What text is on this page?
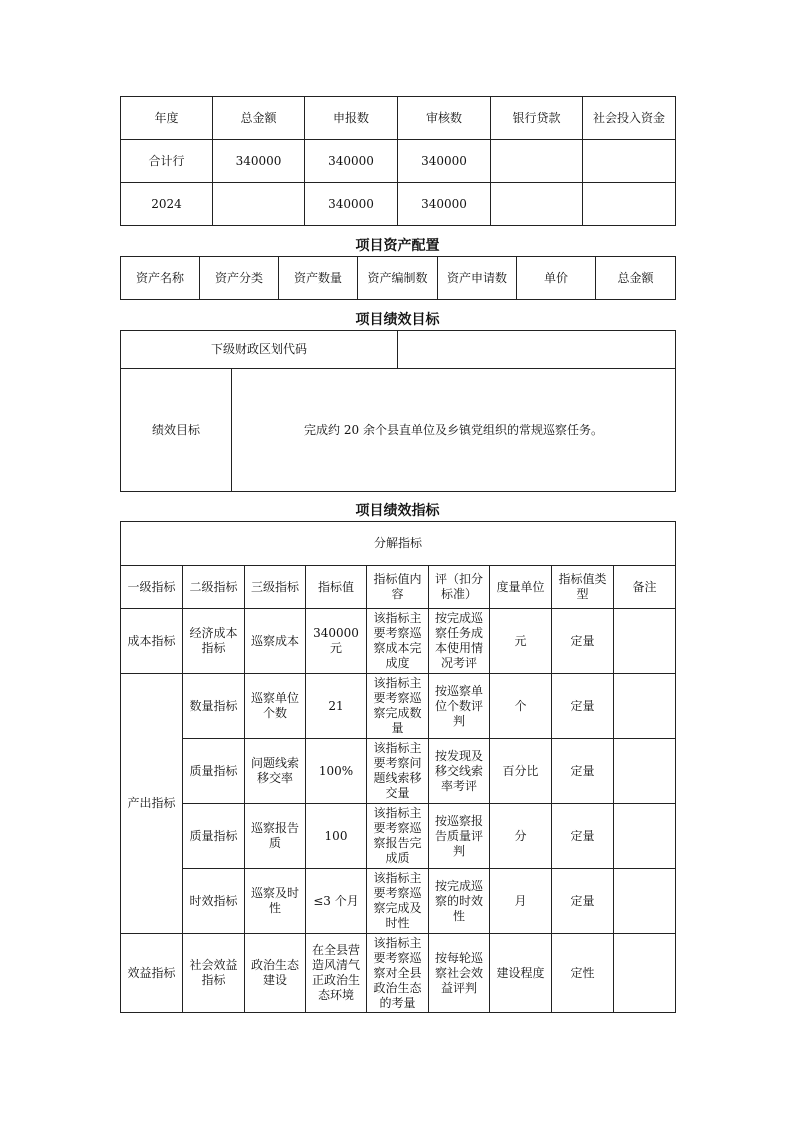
年度	总金额	申报数	审核数	银行贷款	社会投入资金
合计行	340000	340000	340000		
2024		340000	340000		
项目资产配置
资产名称	资产分类	资产数量	资产编制数	资产申请数	单价	总金额
项目绩效目标
下级财政区划代码		
绩效目标	完成约 20 余个县直单位及乡镇党组织的常规巡察任务。	
项目绩效指标
分解指标								
一级指标	二级指标	三级指标	指标值	指标值内容	评（扣分标准）	度量单位	指标值类型	备注
成本指标	经济成本指标	巡察成本	340000 元	该指标主要考察巡察成本完成度	按完成巡察任务成本使用情况考评	元	定量	
产出指标	数量指标	巡察单位个数	21	该指标主要考察巡察完成数量	按巡察单位个数评判	个	定量	
	质量指标	问题线索移交率	100%	该指标主要考察问题线索移交量	按发现及移交线索率考评	百分比	定量	
	质量指标	巡察报告质	100	该指标主要考察巡察报告完成质	按巡察报告质量评判	分	定量	
	时效指标	巡察及时性	≤3 个月	该指标主要考察巡察完成及时性	按完成巡察的时效性	月	定量	
效益指标	社会效益指标	政治生态建设	在全县营造风清气正政治生态环境	该指标主要考察巡察对全县政治生态的考量	按每轮巡察社会效益评判	建设程度	定性	
